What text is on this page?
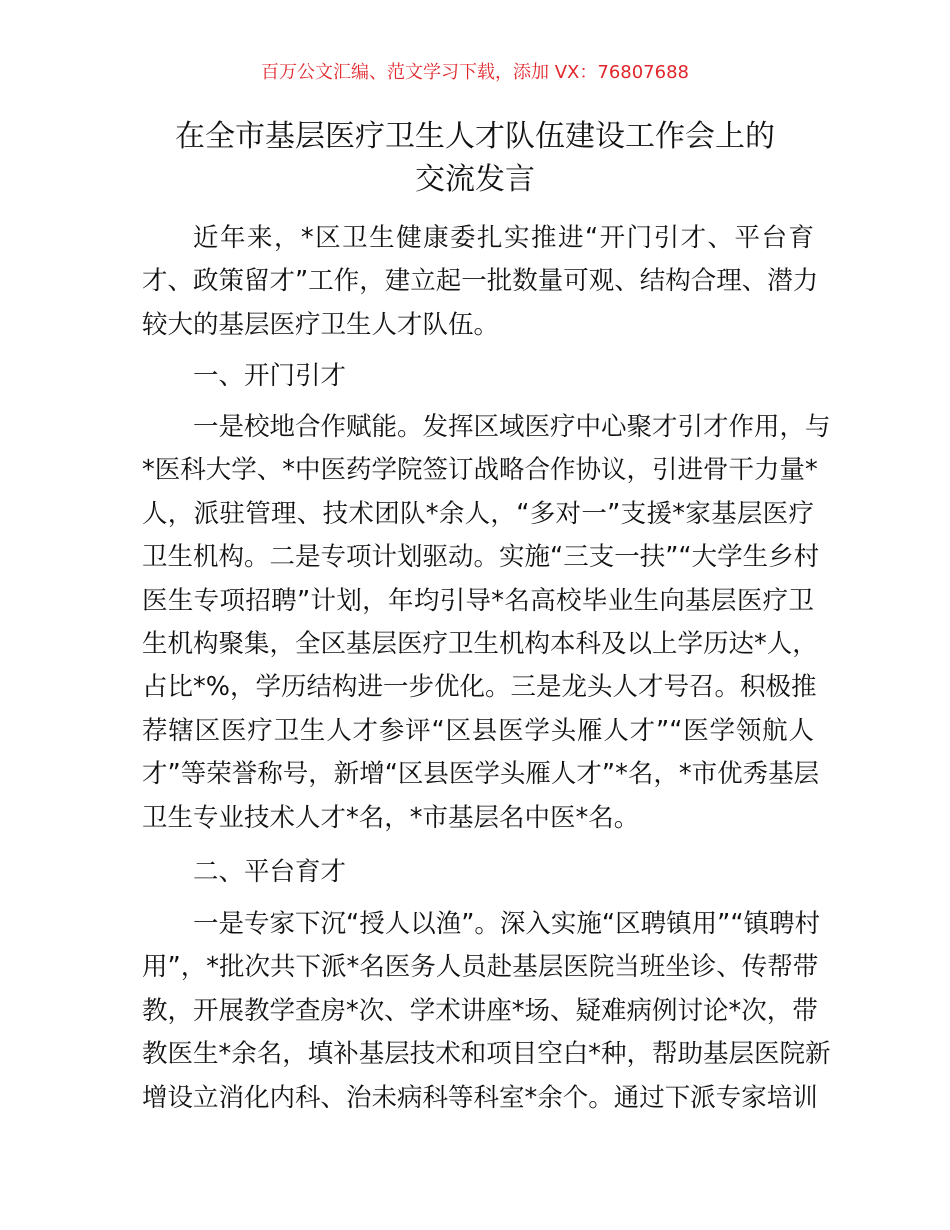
百万公文汇编、范文学习下载，添加 VX：76807688
在全市基层医疗卫生人才队伍建设工作会上的
交流发言
近年来，*区卫生健康委扎实推进“开门引才、平台育
才、政策留才”工作，建立起一批数量可观、结构合理、潜力
较大的基层医疗卫生人才队伍。
一、开门引才
一是校地合作赋能。发挥区域医疗中心聚才引才作用，与
*医科大学、*中医药学院签订战略合作协议，引进骨干力量*
人，派驻管理、技术团队*余人，“多对一”支援*家基层医疗
卫生机构。二是专项计划驱动。实施“三支一扶”“大学生乡村
医生专项招聘”计划，年均引导*名高校毕业生向基层医疗卫
生机构聚集，全区基层医疗卫生机构本科及以上学历达*人，
占比*%，学历结构进一步优化。三是龙头人才号召。积极推
荐辖区医疗卫生人才参评“区县医学头雁人才”“医学领航人
才”等荣誉称号，新增“区县医学头雁人才”*名，*市优秀基层
卫生专业技术人才*名，*市基层名中医*名。
二、平台育才
一是专家下沉“授人以渔”。深入实施“区聘镇用”“镇聘村
用”，*批次共下派*名医务人员赴基层医院当班坐诊、传帮带
教，开展教学查房*次、学术讲座*场、疑难病例讨论*次，带
教医生*余名，填补基层技术和项目空白*种，帮助基层医院新
增设立消化内科、治未病科等科室*余个。通过下派专家培训
